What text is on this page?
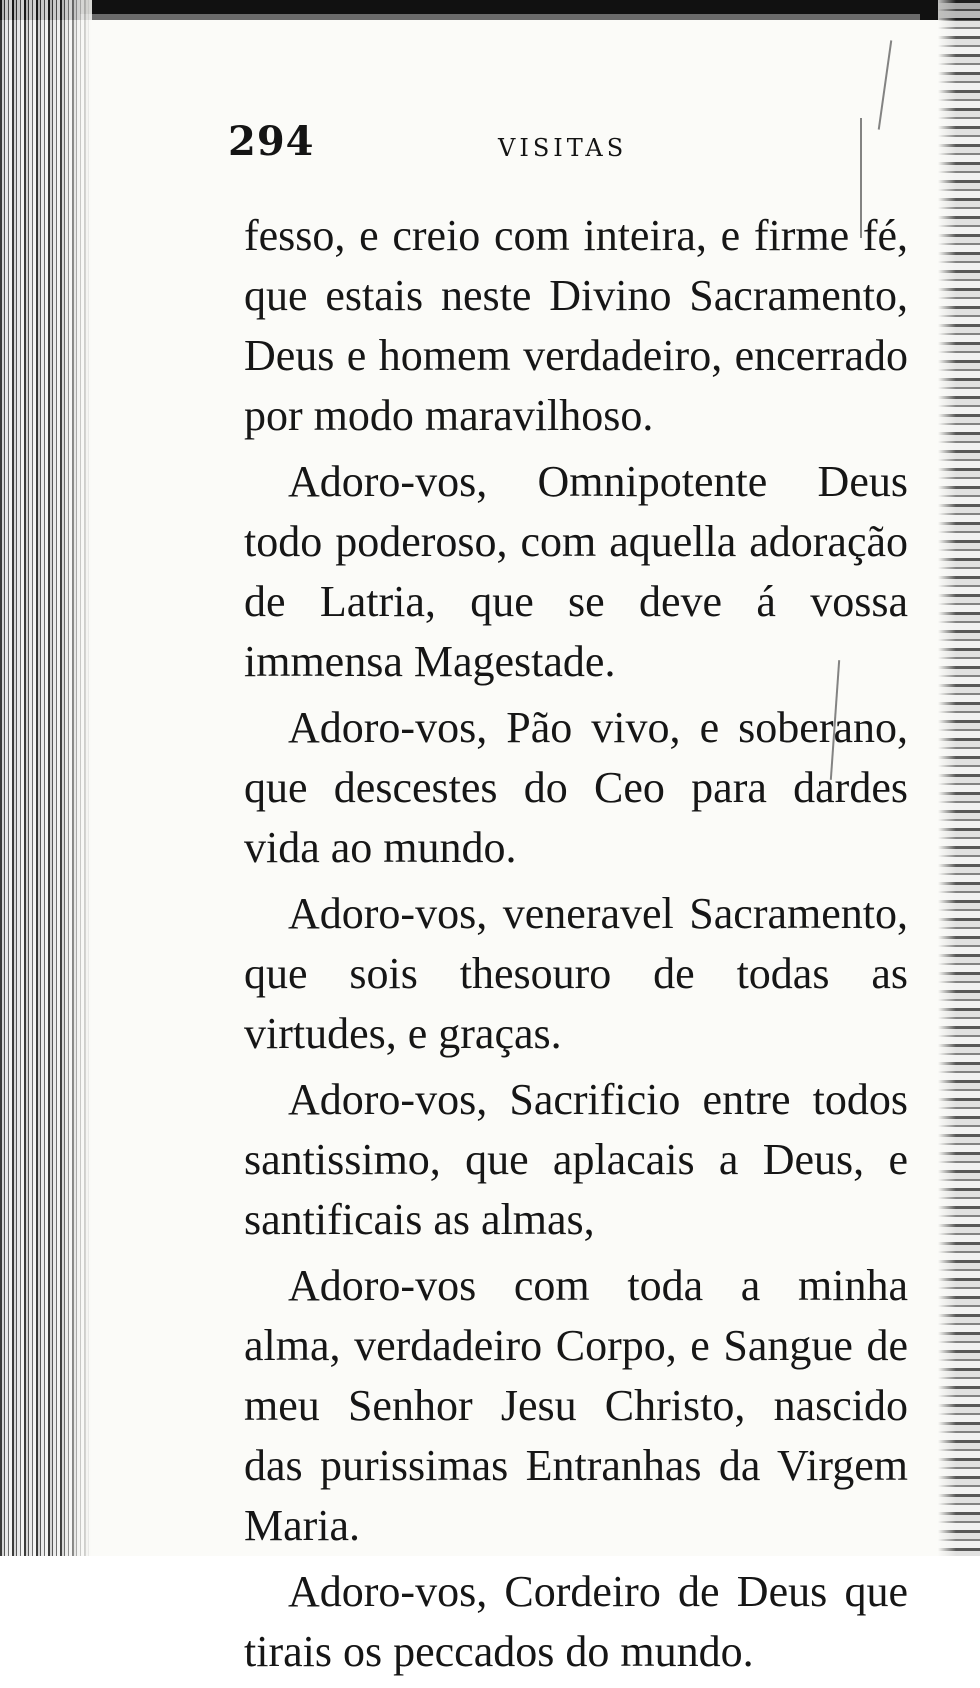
294	VISITAS

fesso, e creio com inteira, e firme fé, que estais neste Divino Sacramento, Deus e homem verdadeiro, encerrado por modo maravilhoso.

Adoro-vos, Omnipotente Deus todo poderoso, com aquella adoração de Latria, que se deve á vossa immensa Magestade.

Adoro-vos, Pão vivo, e soberano, que descestes do Ceo para dardes vida ao mundo.

Adoro-vos, veneravel Sacramento, que sois thesouro de todas as virtudes, e graças.

Adoro-vos, Sacrificio entre todos santissimo, que aplacais a Deus, e santificais as almas,

Adoro-vos com toda a minha alma, verdadeiro Corpo, e Sangue de meu Senhor Jesu Christo, nascido das purissimas Entranhas da Virgem Maria.

Adoro-vos, Cordeiro de Deus que tirais os peccados do mundo.
